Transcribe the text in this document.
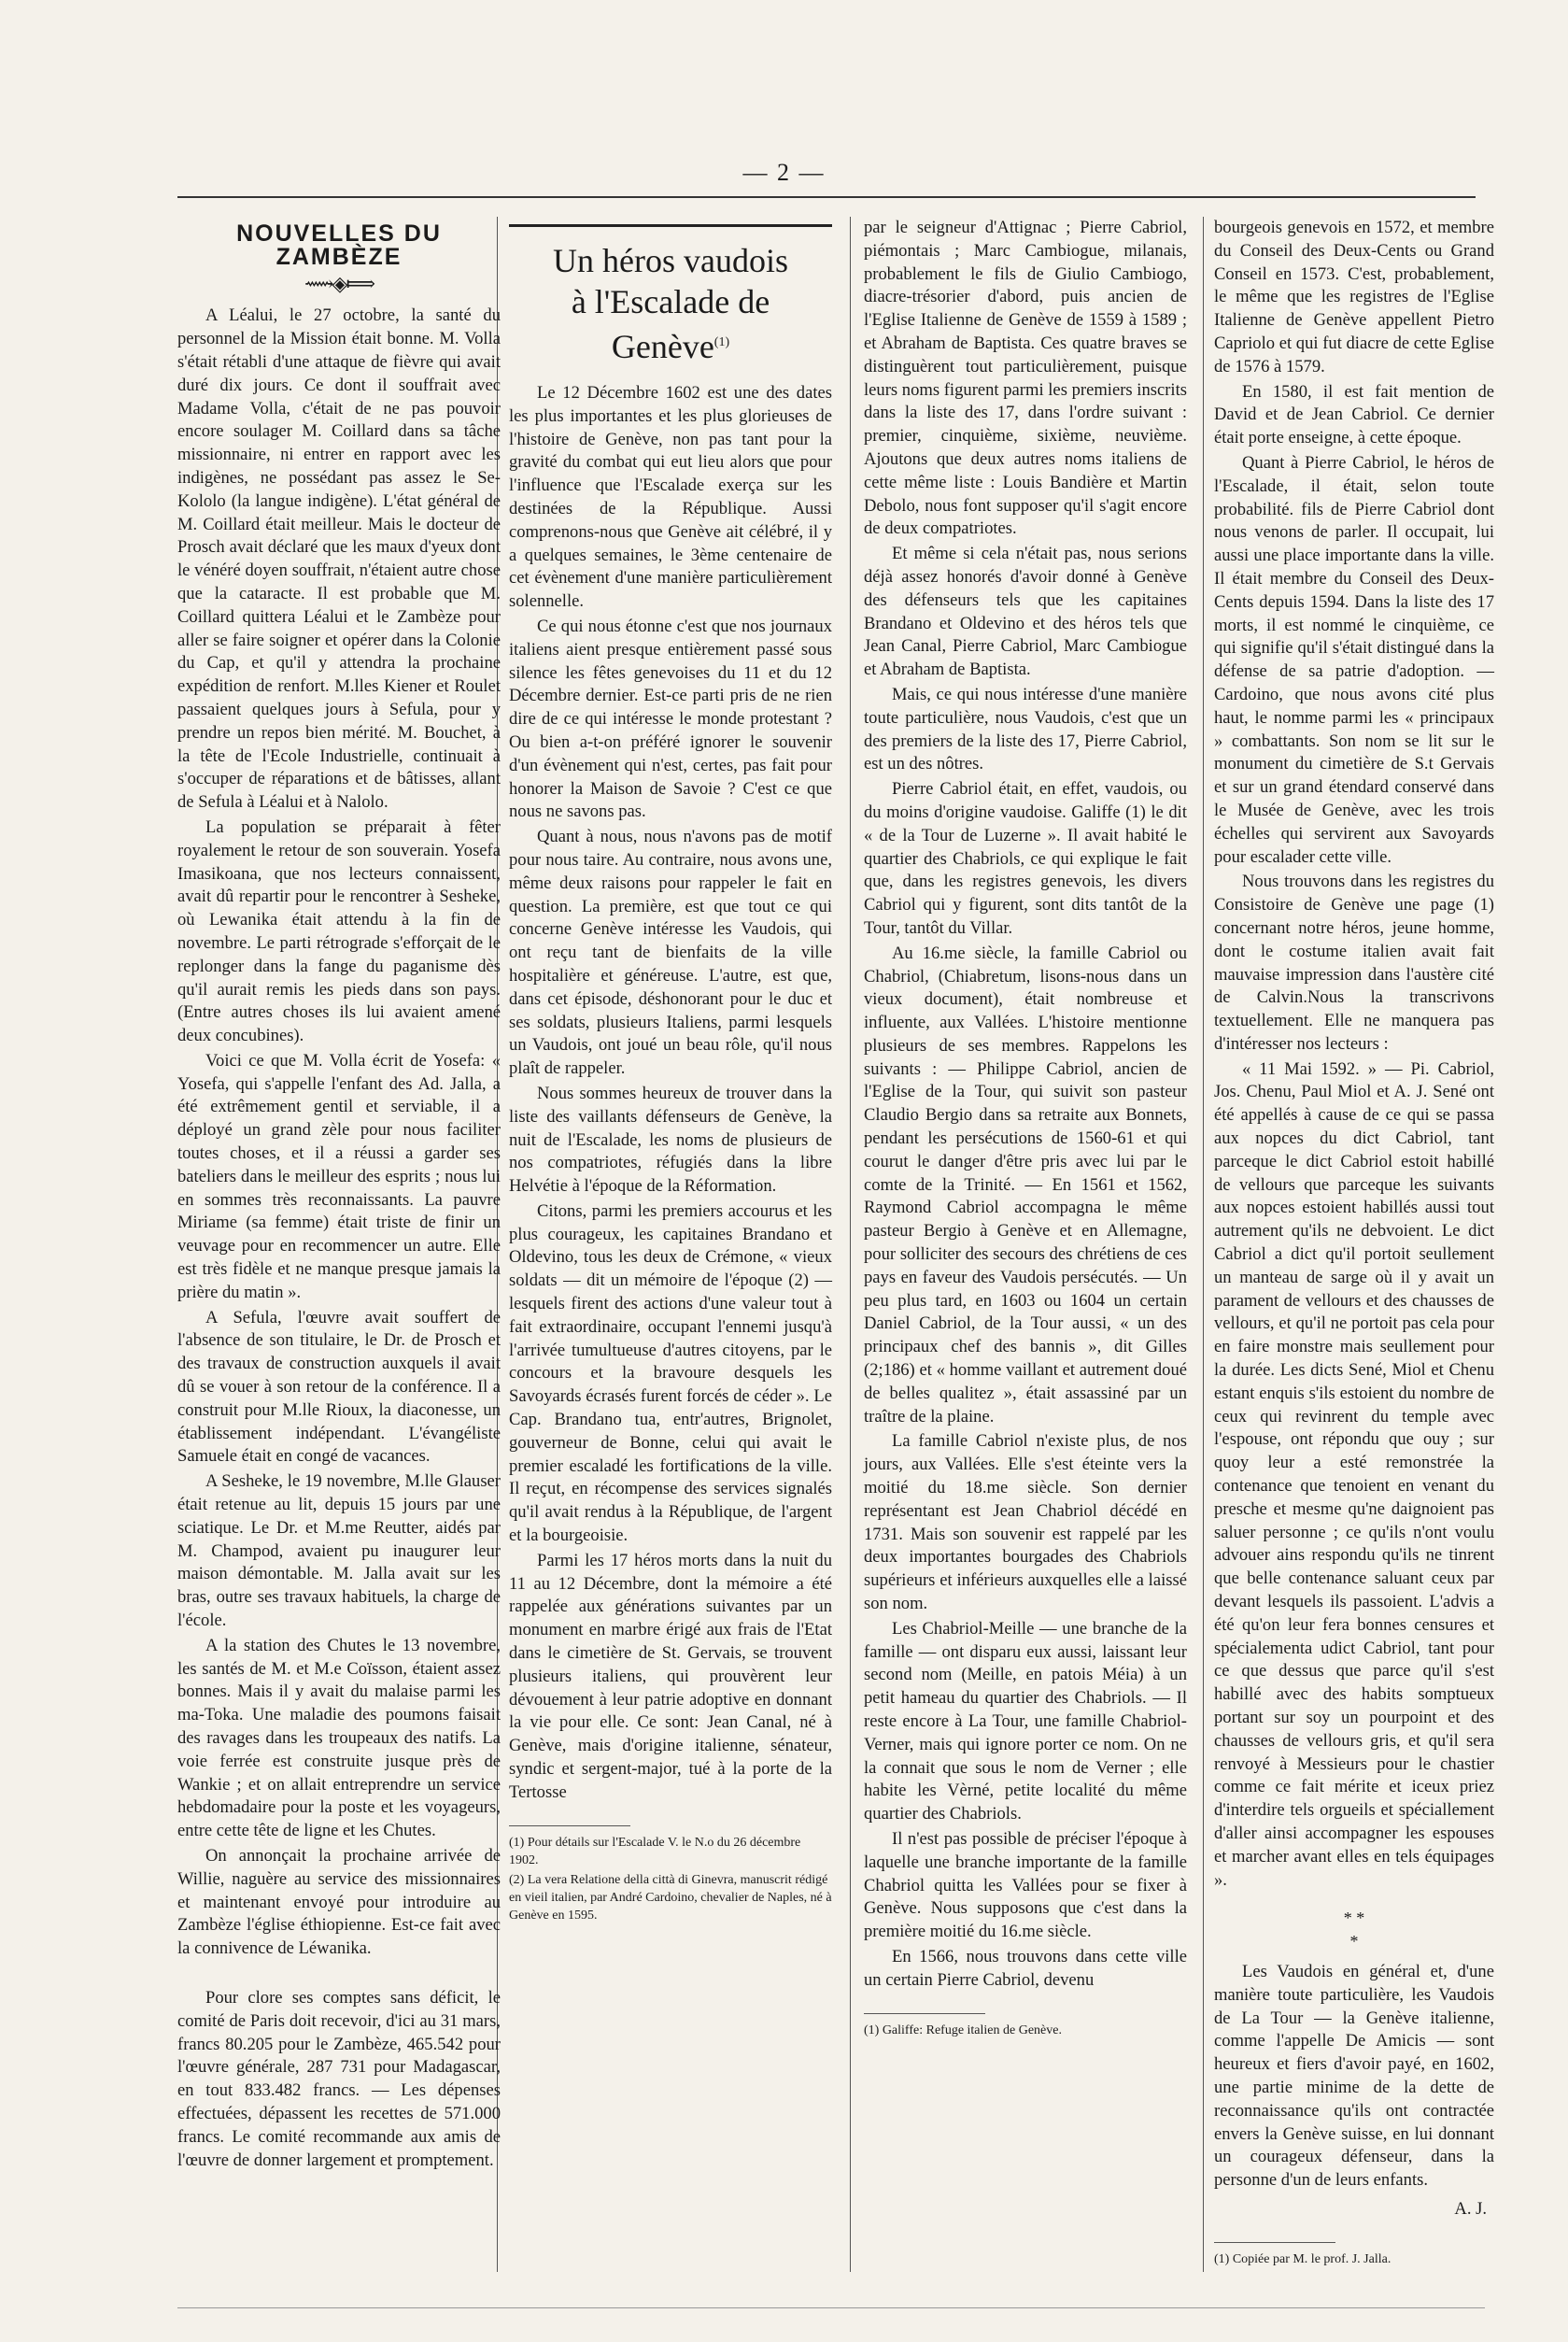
— 2 —
NOUVELLES DU ZAMBÈZE
⟿◈⟾

A Léalui, le 27 octobre, la santé du personnel de la Mission était bonne. M. Volla s'était rétabli d'une attaque de fièvre qui avait duré dix jours. Ce dont il souffrait avec Madame Volla, c'était de ne pas pouvoir encore soulager M. Coillard dans sa tâche missionnaire, ni entrer en rapport avec les indigènes, ne possédant pas assez le Se-Kololo (la langue indigène). L'état général de M. Coillard était meilleur. Mais le docteur de Prosch avait déclaré que les maux d'yeux dont le vénéré doyen souffrait, n'étaient autre chose que la cataracte. Il est probable que M. Coillard quittera Léalui et le Zambèze pour aller se faire soigner et opérer dans la Colonie du Cap, et qu'il y attendra la prochaine expédition de renfort. M.lles Kiener et Roulet passaient quelques jours à Sefula, pour y prendre un repos bien mérité. M. Bouchet, à la tête de l'Ecole Industrielle, continuait à s'occuper de réparations et de bâtisses, allant de Sefula à Léalui et à Nalolo.

La population se préparait à fêter royalement le retour de son souverain. Yosefa Imasikoana, que nos lecteurs connaissent, avait dû repartir pour le rencontrer à Sesheke, où Lewanika était attendu à la fin de novembre. Le parti rétrograde s'efforçait de le replonger dans la fange du paganisme dès qu'il aurait remis les pieds dans son pays. (Entre autres choses ils lui avaient amené deux concubines).

Voici ce que M. Volla écrit de Yosefa: « Yosefa, qui s'appelle l'enfant des Ad. Jalla, a été extrêmement gentil et serviable, il a déployé un grand zèle pour nous faciliter toutes choses, et il a réussi a garder ses bateliers dans le meilleur des esprits ; nous lui en sommes très reconnaissants. La pauvre Miriame (sa femme) était triste de finir un veuvage pour en recommencer un autre. Elle est très fidèle et ne manque presque jamais la prière du matin ».

A Sefula, l'œuvre avait souffert de l'absence de son titulaire, le Dr. de Prosch et des travaux de construction auxquels il avait dû se vouer à son retour de la conférence. Il a construit pour M.lle Rioux, la diaconesse, un établissement indépendant. L'évangéliste Samuele était en congé de vacances.

A Sesheke, le 19 novembre, M.lle Glauser était retenue au lit, depuis 15 jours par une sciatique. Le Dr. et M.me Reutter, aidés par M. Champod, avaient pu inaugurer leur maison démontable. M. Jalla avait sur les bras, outre ses travaux habituels, la charge de l'école.

A la station des Chutes le 13 novembre, les santés de M. et M.e Coïsson, étaient assez bonnes. Mais il y avait du malaise parmi les ma-Toka. Une maladie des poumons faisait des ravages dans les troupeaux des natifs. La voie ferrée est construite jusque près de Wankie ; et on allait entreprendre un service hebdomadaire pour la poste et les voyageurs, entre cette tête de ligne et les Chutes.

On annonçait la prochaine arrivée de Willie, naguère au service des missionnaires et maintenant envoyé pour introduire au Zambèze l'église éthiopienne. Est-ce fait avec la connivence de Léwanika.

Pour clore ses comptes sans déficit, le comité de Paris doit recevoir, d'ici au 31 mars, francs 80.205 pour le Zambèze, 465.542 pour l'œuvre générale, 287 731 pour Madagascar, en tout 833.482 francs. — Les dépenses effectuées, dépassent les recettes de 571.000 francs. Le comité recommande aux amis de l'œuvre de donner largement et promptement.

Un héros vaudois
à l'Escalade de Genève$^{(1)}$

Le 12 Décembre 1602 est une des dates les plus importantes et les plus glorieuses de l'histoire de Genève, non pas tant pour la gravité du combat qui eut lieu alors que pour l'influence que l'Escalade exerça sur les destinées de la République. Aussi comprenons-nous que Genève ait célébré, il y a quelques semaines, le 3ème centenaire de cet évènement d'une manière particulièrement solennelle.

Ce qui nous étonne c'est que nos journaux italiens aient presque entièrement passé sous silence les fêtes genevoises du 11 et du 12 Décembre dernier. Est-ce parti pris de ne rien dire de ce qui intéresse le monde protestant ? Ou bien a-t-on préféré ignorer le souvenir d'un évènement qui n'est, certes, pas fait pour honorer la Maison de Savoie ? C'est ce que nous ne savons pas.

Quant à nous, nous n'avons pas de motif pour nous taire. Au contraire, nous avons une, même deux raisons pour rappeler le fait en question. La première, est que tout ce qui concerne Genève intéresse les Vaudois, qui ont reçu tant de bienfaits de la ville hospitalière et généreuse. L'autre, est que, dans cet épisode, déshonorant pour le duc et ses soldats, plusieurs Italiens, parmi lesquels un Vaudois, ont joué un beau rôle, qu'il nous plaît de rappeler.

Nous sommes heureux de trouver dans la liste des vaillants défenseurs de Genève, la nuit de l'Escalade, les noms de plusieurs de nos compatriotes, réfugiés dans la libre Helvétie à l'époque de la Réformation.

Citons, parmi les premiers accourus et les plus courageux, les capitaines Brandano et Oldevino, tous les deux de Crémone, « vieux soldats — dit un mémoire de l'époque (2) — lesquels firent des actions d'une valeur tout à fait extraordinaire, occupant l'ennemi jusqu'à l'arrivée tumultueuse d'autres citoyens, par le concours et la bravoure desquels les Savoyards écrasés furent forcés de céder ». Le Cap. Brandano tua, entr'autres, Brignolet, gouverneur de Bonne, celui qui avait le premier escaladé les fortifications de la ville. Il reçut, en récompense des services signalés qu'il avait rendus à la République, de l'argent et la bourgeoisie.

Parmi les 17 héros morts dans la nuit du 11 au 12 Décembre, dont la mémoire a été rappelée aux générations suivantes par un monument en marbre érigé aux frais de l'Etat dans le cimetière de St. Gervais, se trouvent plusieurs italiens, qui prouvèrent leur dévouement à leur patrie adoptive en donnant la vie pour elle. Ce sont: Jean Canal, né à Genève, mais d'origine italienne, sénateur, syndic et sergent-major, tué à la porte de la Tertosse

(1) Pour détails sur l'Escalade V. le N.o du 26 décembre 1902.

(2) La vera Relatione della città di Ginevra, manuscrit rédigé en vieil italien, par André Cardoino, chevalier de Naples, né à Genève en 1595.

par le seigneur d'Attignac ; Pierre Cabriol, piémontais ; Marc Cambiogue, milanais, probablement le fils de Giulio Cambiogo, diacre-trésorier d'abord, puis ancien de l'Eglise Italienne de Genève de 1559 à 1589 ; et Abraham de Baptista. Ces quatre braves se distinguèrent tout particulièrement, puisque leurs noms figurent parmi les premiers inscrits dans la liste des 17, dans l'ordre suivant : premier, cinquième, sixième, neuvième. Ajoutons que deux autres noms italiens de cette même liste : Louis Bandière et Martin Debolo, nous font supposer qu'il s'agit encore de deux compatriotes.

Et même si cela n'était pas, nous serions déjà assez honorés d'avoir donné à Genève des défenseurs tels que les capitaines Brandano et Oldevino et des héros tels que Jean Canal, Pierre Cabriol, Marc Cambiogue et Abraham de Baptista.

Mais, ce qui nous intéresse d'une manière toute particulière, nous Vaudois, c'est que un des premiers de la liste des 17, Pierre Cabriol, est un des nôtres.

Pierre Cabriol était, en effet, vaudois, ou du moins d'origine vaudoise. Galiffe (1) le dit « de la Tour de Luzerne ». Il avait habité le quartier des Chabriols, ce qui explique le fait que, dans les registres genevois, les divers Cabriol qui y figurent, sont dits tantôt de la Tour, tantôt du Villar.

Au 16.me siècle, la famille Cabriol ou Chabriol, (Chiabretum, lisons-nous dans un vieux document), était nombreuse et influente, aux Vallées. L'histoire mentionne plusieurs de ses membres. Rappelons les suivants : — Philippe Cabriol, ancien de l'Eglise de la Tour, qui suivit son pasteur Claudio Bergio dans sa retraite aux Bonnets, pendant les persécutions de 1560-61 et qui courut le danger d'être pris avec lui par le comte de la Trinité. — En 1561 et 1562, Raymond Cabriol accompagna le même pasteur Bergio à Genève et en Allemagne, pour solliciter des secours des chrétiens de ces pays en faveur des Vaudois persécutés. — Un peu plus tard, en 1603 ou 1604 un certain Daniel Cabriol, de la Tour aussi, « un des principaux chef des bannis », dit Gilles (2;186) et « homme vaillant et autrement doué de belles qualitez », était assassiné par un traître de la plaine.

La famille Cabriol n'existe plus, de nos jours, aux Vallées. Elle s'est éteinte vers la moitié du 18.me siècle. Son dernier représentant est Jean Chabriol décédé en 1731. Mais son souvenir est rappelé par les deux importantes bourgades des Chabriols supérieurs et inférieurs auxquelles elle a laissé son nom.

Les Chabriol-Meille — une branche de la famille — ont disparu eux aussi, laissant leur second nom (Meille, en patois Méia) à un petit hameau du quartier des Chabriols. — Il reste encore à La Tour, une famille Chabriol-Verner, mais qui ignore porter ce nom. On ne la connait que sous le nom de Verner ; elle habite les Vèrné, petite localité du même quartier des Chabriols.

Il n'est pas possible de préciser l'époque à laquelle une branche importante de la famille Chabriol quitta les Vallées pour se fixer à Genève. Nous supposons que c'est dans la première moitié du 16.me siècle.

En 1566, nous trouvons dans cette ville un certain Pierre Cabriol, devenu

(1) Galiffe: Refuge italien de Genève.

bourgeois genevois en 1572, et membre du Conseil des Deux-Cents ou Grand Conseil en 1573. C'est, probablement, le même que les registres de l'Eglise Italienne de Genève appellent Pietro Capriolo et qui fut diacre de cette Eglise de 1576 à 1579.

En 1580, il est fait mention de David et de Jean Cabriol. Ce dernier était porte enseigne, à cette époque.

Quant à Pierre Cabriol, le héros de l'Escalade, il était, selon toute probabilité. fils de Pierre Cabriol dont nous venons de parler. Il occupait, lui aussi une place importante dans la ville. Il était membre du Conseil des Deux-Cents depuis 1594. Dans la liste des 17 morts, il est nommé le cinquième, ce qui signifie qu'il s'était distingué dans la défense de sa patrie d'adoption. — Cardoino, que nous avons cité plus haut, le nomme parmi les « principaux » combattants. Son nom se lit sur le monument du cimetière de S.t Gervais et sur un grand étendard conservé dans le Musée de Genève, avec les trois échelles qui servirent aux Savoyards pour escalader cette ville.

Nous trouvons dans les registres du Consistoire de Genève une page (1) concernant notre héros, jeune homme, dont le costume italien avait fait mauvaise impression dans l'austère cité de Calvin.Nous la transcrivons textuellement. Elle ne manquera pas d'intéresser nos lecteurs :

« 11 Mai 1592. » — Pi. Cabriol, Jos. Chenu, Paul Miol et A. J. Sené ont été appellés à cause de ce qui se passa aux nopces du dict Cabriol, tant parceque le dict Cabriol estoit habillé de vellours que parceque les suivants aux nopces estoient habillés aussi tout autrement qu'ils ne debvoient. Le dict Cabriol a dict qu'il portoit seullement un manteau de sarge où il y avait un parament de vellours et des chausses de vellours, et qu'il ne portoit pas cela pour en faire monstre mais seullement pour la durée. Les dicts Sené, Miol et Chenu estant enquis s'ils estoient du nombre de ceux qui revinrent du temple avec l'espouse, ont répondu que ouy ; sur quoy leur a esté remonstrée la contenance que tenoient en venant du presche et mesme qu'ne daignoient pas saluer personne ; ce qu'ils n'ont voulu advouer ains respondu qu'ils ne tinrent que belle contenance saluant ceux par devant lesquels ils passoient. L'advis a été qu'on leur fera bonnes censures et spécialementa udict Cabriol, tant pour ce que dessus que parce qu'il s'est habillé avec des habits somptueux portant sur soy un pourpoint et des chausses de vellours gris, et qu'il sera renvoyé à Messieurs pour le chastier comme ce fait mérite et iceux priez d'interdire tels orgueils et spéciallement d'aller ainsi accompagner les espouses et marcher avant elles en tels équipages ».

* *
*

Les Vaudois en général et, d'une manière toute particulière, les Vaudois de La Tour — la Genève italienne, comme l'appelle De Amicis — sont heureux et fiers d'avoir payé, en 1602, une partie minime de la dette de reconnaissance qu'ils ont contractée envers la Genève suisse, en lui donnant un courageux défenseur, dans la personne d'un de leurs enfants.

A. J.

(1) Copiée par M. le prof. J. Jalla.
